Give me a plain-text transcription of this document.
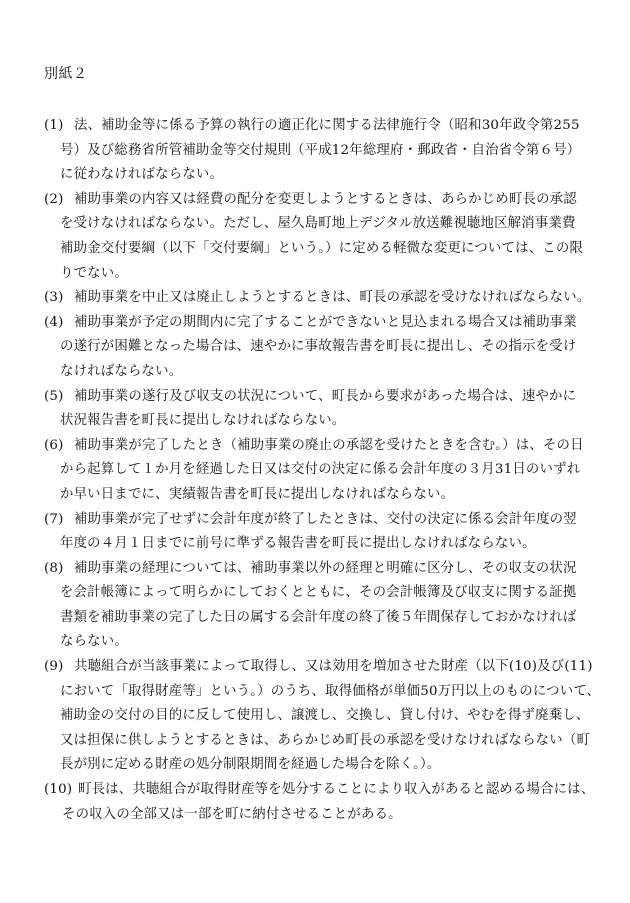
別紙２
(1) 法、補助金等に係る予算の執行の適正化に関する法律施行令（昭和30年政令第255
号）及び総務省所管補助金等交付規則（平成12年総理府・郵政省・自治省令第６号）
に従わなければならない。
(2) 補助事業の内容又は経費の配分を変更しようとするときは、あらかじめ町長の承認
を受けなければならない。ただし、屋久島町地上デジタル放送難視聴地区解消事業費
補助金交付要綱（以下「交付要綱」という。）に定める軽微な変更については、この限
りでない。
(3) 補助事業を中止又は廃止しようとするときは、町長の承認を受けなければならない。
(4) 補助事業が予定の期間内に完了することができないと見込まれる場合又は補助事業
の遂行が困難となった場合は、速やかに事故報告書を町長に提出し、その指示を受け
なければならない。
(5) 補助事業の遂行及び収支の状況について、町長から要求があった場合は、速やかに
状況報告書を町長に提出しなければならない。
(6) 補助事業が完了したとき（補助事業の廃止の承認を受けたときを含む。）は、その日
から起算して１か月を経過した日又は交付の決定に係る会計年度の３月31日のいずれ
か早い日までに、実績報告書を町長に提出しなければならない。
(7) 補助事業が完了せずに会計年度が終了したときは、交付の決定に係る会計年度の翌
年度の４月１日までに前号に準ずる報告書を町長に提出しなければならない。
(8) 補助事業の経理については、補助事業以外の経理と明確に区分し、その収支の状況
を会計帳簿によって明らかにしておくとともに、その会計帳簿及び収支に関する証拠
書類を補助事業の完了した日の属する会計年度の終了後５年間保存しておかなければ
ならない。
(9) 共聴組合が当該事業によって取得し、又は効用を増加させた財産（以下(10)及び(11)
において「取得財産等」という。）のうち、取得価格が単価50万円以上のものについて、
補助金の交付の目的に反して使用し、譲渡し、交換し、貸し付け、やむを得ず廃棄し、
又は担保に供しようとするときは、あらかじめ町長の承認を受けなければならない（町
長が別に定める財産の処分制限期間を経過した場合を除く。）。
(10) 町長は、共聴組合が取得財産等を処分することにより収入があると認める場合には、
その収入の全部又は一部を町に納付させることがある。
